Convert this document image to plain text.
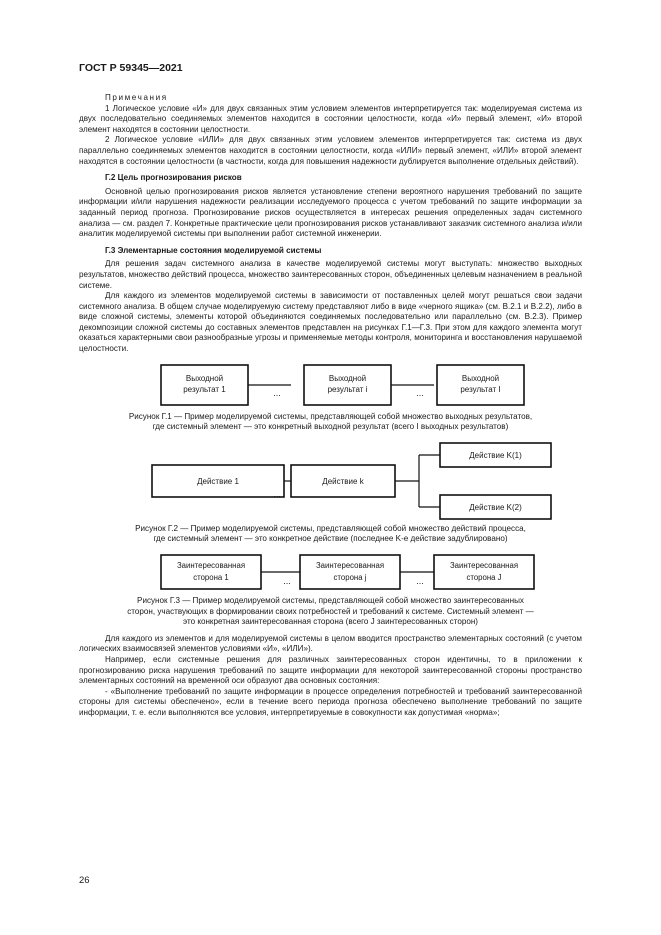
ГОСТ Р 59345—2021

Примечания

1 Логическое условие «И» для двух связанных этим условием элементов интерпретируется так: моделируемая система из двух последовательно соединяемых элементов находится в состоянии целостности, когда «И» первый элемент, «И» второй элемент находятся в состоянии целостности.

2 Логическое условие «ИЛИ» для двух связанных этим условием элементов интерпретируется так: система из двух параллельно соединяемых элементов находится в состоянии целостности, когда «ИЛИ» первый элемент, «ИЛИ» второй элемент находятся в состоянии целостности (в частности, когда для повышения надежности дублируется выполнение отдельных действий).

Г.2 Цель прогнозирования рисков

Основной целью прогнозирования рисков является установление степени вероятного нарушения требований по защите информации и/или нарушения надежности реализации исследуемого процесса с учетом требований по защите информации за заданный период прогноза. Прогнозирование рисков осуществляется в интересах решения определенных задач системного анализа — см. раздел 7. Конкретные практические цели прогнозирования рисков устанавливают заказчик системного анализа и/или аналитик моделируемой системы при выполнении работ системной инженерии.

Г.3 Элементарные состояния моделируемой системы

Для решения задач системного анализа в качестве моделируемой системы могут выступать: множество выходных результатов, множество действий процесса, множество заинтересованных сторон, объединенных целевым назначением в реальной системе.

Для каждого из элементов моделируемой системы в зависимости от поставленных целей могут решаться свои задачи системного анализа. В общем случае моделируемую систему представляют либо в виде «черного ящика» (см. В.2.1 и В.2.2), либо в виде сложной системы, элементы которой объединяются соединяемых последовательно или параллельно (см. В.2.3). Пример декомпозиции сложной системы до составных элементов представлен на рисунках Г.1—Г.3. При этом для каждого элемента могут оказаться характерными свои разнообразные угрозы и применяемые методы контроля, мониторинга и восстановления нарушаемой целостности.

Выходной
результат 1	...
Выходной
результат i	...
Выходной
результат I

Рисунок Г.1 — Пример моделируемой системы, представляющей собой множество выходных результатов,

где системный элемент — это конкретный выходной результат (всего I выходных результатов)

Действие 1
...
Действие k
Действие K(1)
Действие K(2)

Рисунок Г.2 — Пример моделируемой системы, представляющей собой множество действий процесса,

где системный элемент — это конкретное действие (последнее K-е действие задублировано)

Заинтересованная
сторона 1	...
Заинтересованная
сторона j	...
Заинтересованная
сторона J

Рисунок Г.3 — Пример моделируемой системы, представляющей собой множество заинтересованных

сторон, участвующих в формировании своих потребностей и требований к системе. Системный элемент —

это конкретная заинтересованная сторона (всего J заинтересованных сторон)

Для каждого из элементов и для моделируемой системы в целом вводится пространство элементарных состояний (с учетом логических взаимосвязей элементов условиями «И», «ИЛИ»).

Например, если системные решения для различных заинтересованных сторон идентичны, то в приложении к прогнозированию риска нарушения требований по защите информации для некоторой заинтересованной стороны пространство элементарных состояний на временной оси образуют два основных состояния:

- «Выполнение требований по защите информации в процессе определения потребностей и требований заинтересованной стороны для системы обеспечено», если в течение всего периода прогноза обеспечено выполнение требований по защите информации, т. е. если выполняются все условия, интерпретируемые в совокупности как допустимая «норма»;

26
